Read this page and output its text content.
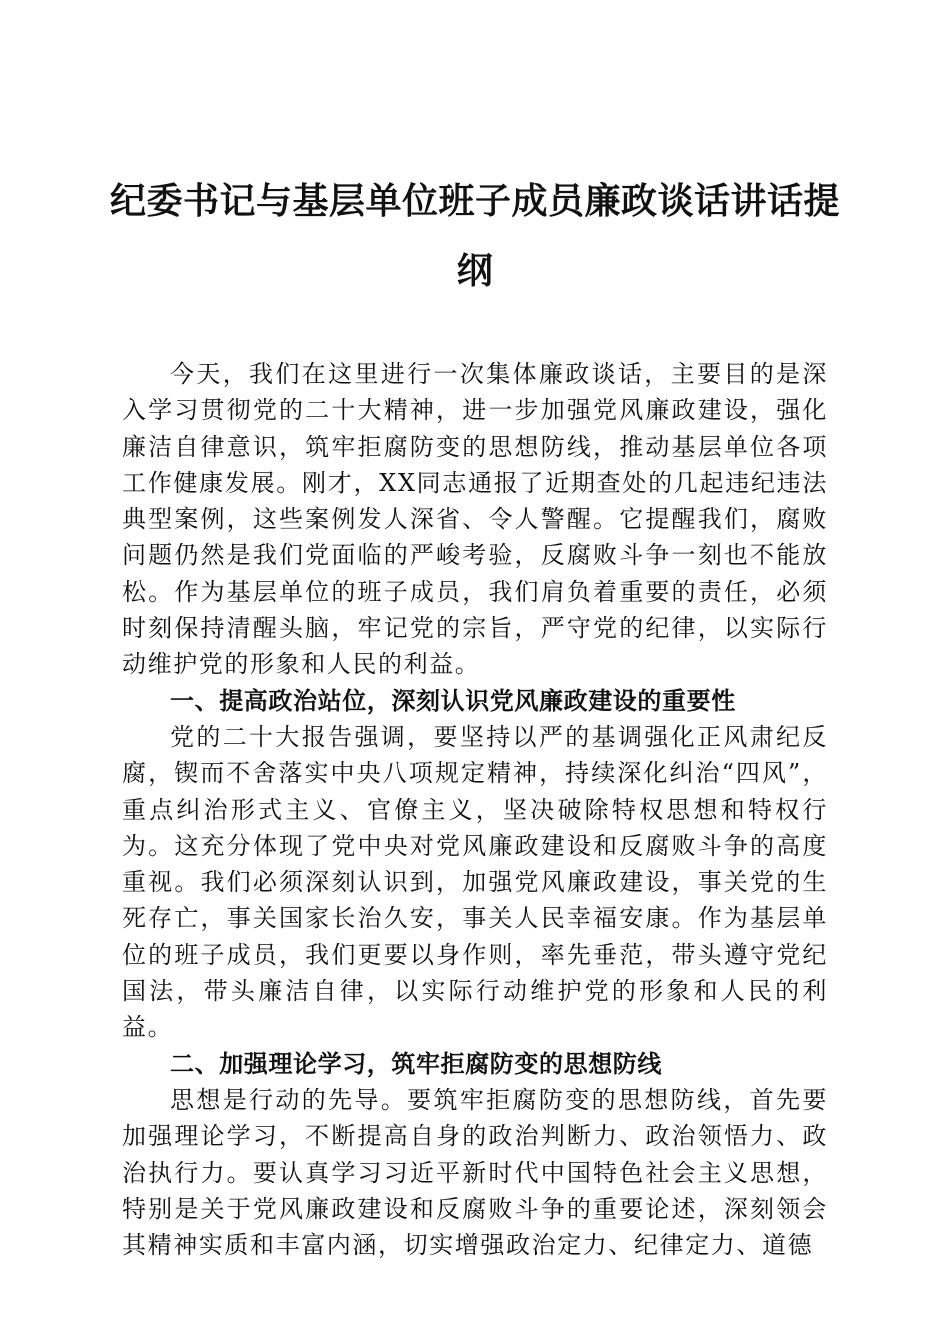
纪委书记与基层单位班子成员廉政谈话讲话提纲

今天，我们在这里进行一次集体廉政谈话，主要目的是深入学习贯彻党的二十大精神，进一步加强党风廉政建设，强化廉洁自律意识，筑牢拒腐防变的思想防线，推动基层单位各项工作健康发展。刚才，XX同志通报了近期查处的几起违纪违法典型案例，这些案例发人深省、令人警醒。它提醒我们，腐败问题仍然是我们党面临的严峻考验，反腐败斗争一刻也不能放松。作为基层单位的班子成员，我们肩负着重要的责任，必须时刻保持清醒头脑，牢记党的宗旨，严守党的纪律，以实际行动维护党的形象和人民的利益。

一、提高政治站位，深刻认识党风廉政建设的重要性

党的二十大报告强调，要坚持以严的基调强化正风肃纪反腐，锲而不舍落实中央八项规定精神，持续深化纠治“四风”，重点纠治形式主义、官僚主义，坚决破除特权思想和特权行为。这充分体现了党中央对党风廉政建设和反腐败斗争的高度重视。我们必须深刻认识到，加强党风廉政建设，事关党的生死存亡，事关国家长治久安，事关人民幸福安康。作为基层单位的班子成员，我们更要以身作则，率先垂范，带头遵守党纪国法，带头廉洁自律，以实际行动维护党的形象和人民的利益。

二、加强理论学习，筑牢拒腐防变的思想防线

思想是行动的先导。要筑牢拒腐防变的思想防线，首先要加强理论学习，不断提高自身的政治判断力、政治领悟力、政治执行力。要认真学习习近平新时代中国特色社会主义思想，特别是关于党风廉政建设和反腐败斗争的重要论述，深刻领会其精神实质和丰富内涵，切实增强政治定力、纪律定力、道德
